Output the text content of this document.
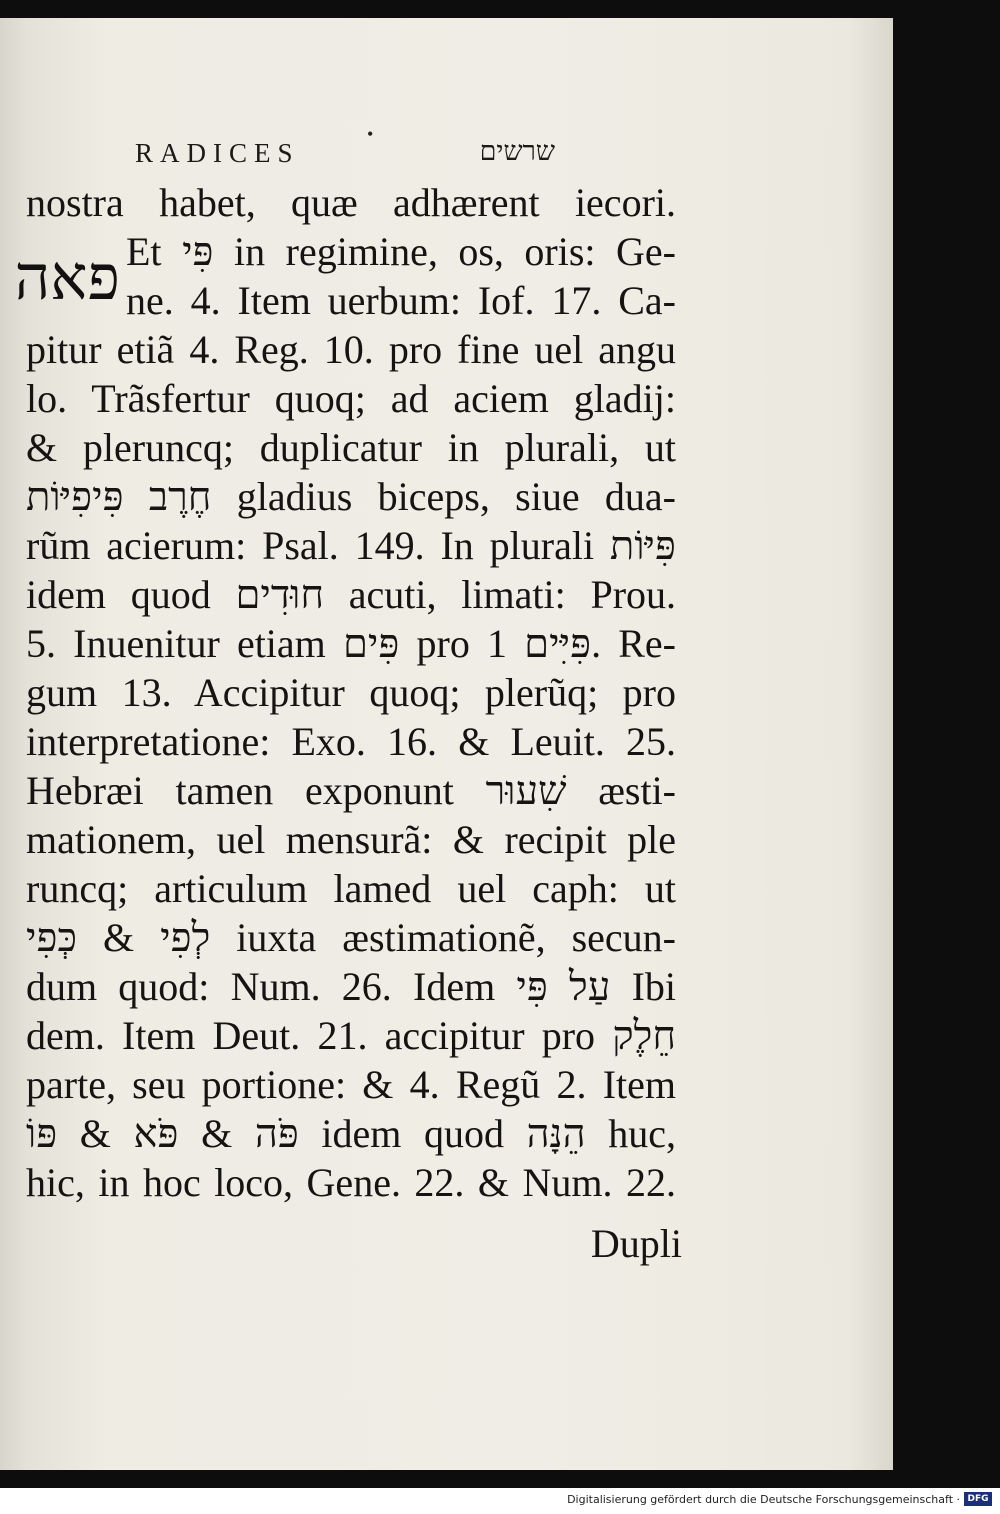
RADICES
•
שרשים
פאה
nostra habet, quæ adhærent iecori.
Et פִּי in regimine, os, oris: Ge-
ne. 4. Item uerbum: Iof. 17. Ca-
pitur etiã 4. Reg. 10. pro fine uel angu
lo. Trãsfertur quoq; ad aciem gladij:
& pleruncq; duplicatur in plurali, ut
חֶרֶב פִּיפִיּוֹת gladius biceps, siue dua-
rũm acierum: Psal. 149. In plurali פִּיּוֹת
idem quod חוּדִים acuti, limati: Prou.
5. Inuenitur etiam פִּים pro פִּיִּים 1. Re-
gum 13. Accipitur quoq; plerũq; pro
interpretatione: Exo. 16. & Leuit. 25.
Hebræi tamen exponunt שִׁעוּר æsti-
mationem, uel mensurã: & recipit ple
runcq; articulum lamed uel caph: ut
לְפִי & כְּפִי iuxta æstimationẽ, secun-
dum quod: Num. 26. Idem עַל פִּי Ibi
dem. Item Deut. 21. accipitur pro חֵלֶק
parte, seu portione: & 4. Regũ 2. Item
פֹּה & פֹּא & פּוֹ idem quod הֵנָּה huc,
hic, in hoc loco, Gene. 22. & Num. 22.
Dupli
Digitalisierung gefördert durch die Deutsche Forschungsgemeinschaft · DFG
